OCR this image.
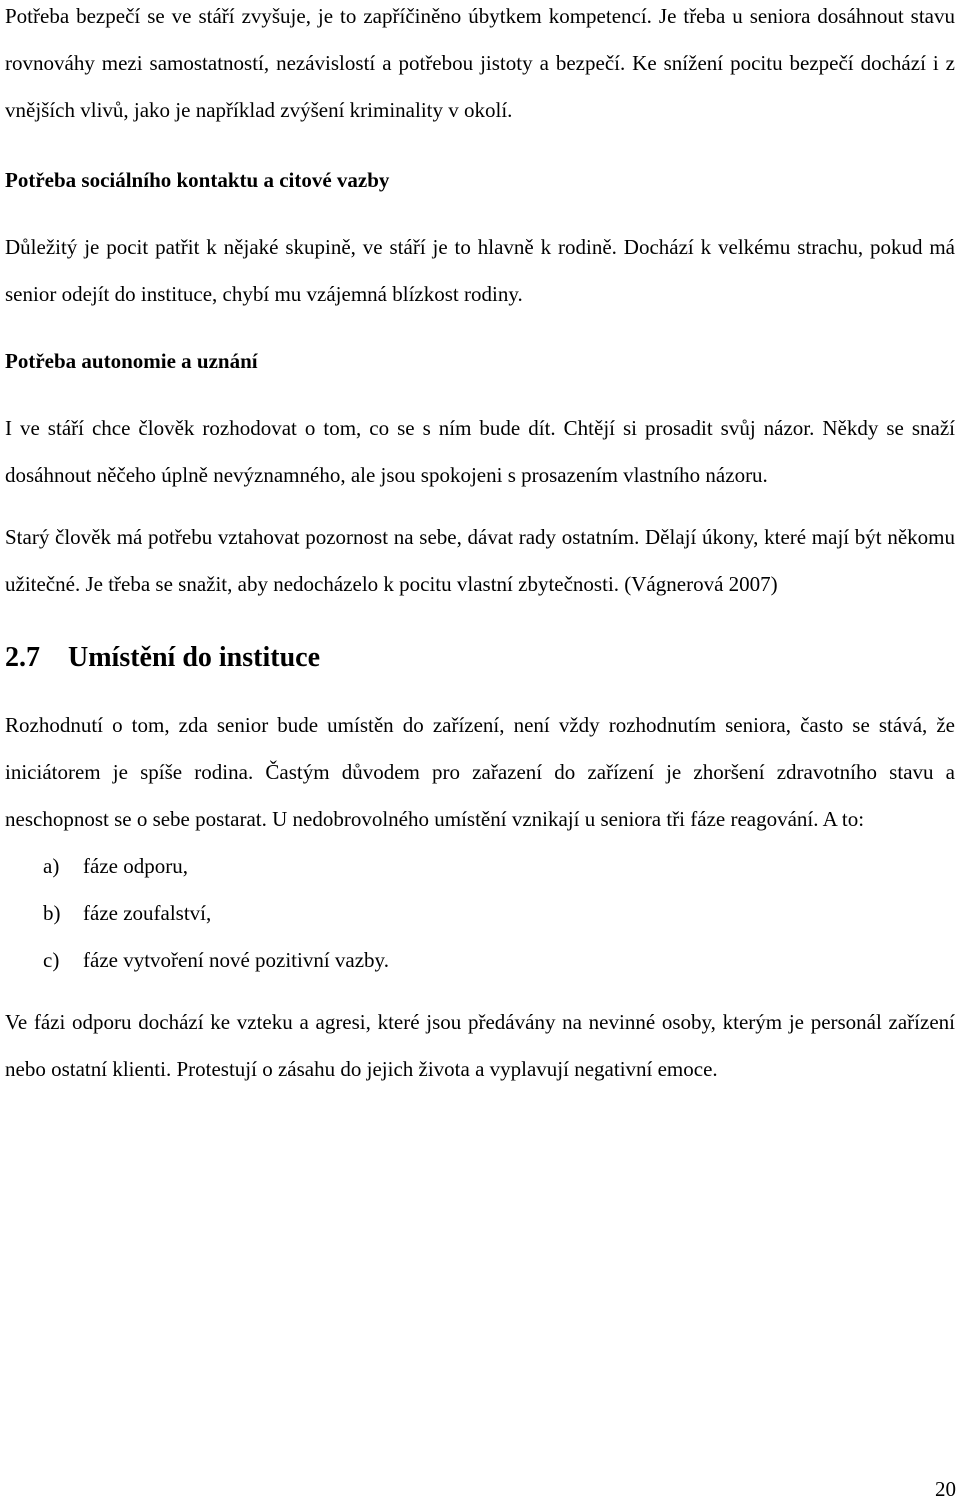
Potřeba bezpečí se ve stáří zvyšuje, je to zapříčiněno úbytkem kompetencí. Je třeba u seniora dosáhnout stavu rovnováhy mezi samostatností, nezávislostí a potřebou jistoty a bezpečí. Ke snížení pocitu bezpečí dochází i z vnějších vlivů, jako je například zvýšení kriminality v okolí.

Potřeba sociálního kontaktu a citové vazby

Důležitý je pocit patřit k nějaké skupině, ve stáří je to hlavně k rodině. Dochází k velkému strachu, pokud má senior odejít do instituce, chybí mu vzájemná blízkost rodiny.

Potřeba autonomie a uznání

I ve stáří chce člověk rozhodovat o tom, co se s ním bude dít. Chtějí si prosadit svůj názor. Někdy se snaží dosáhnout něčeho úplně nevýznamného, ale jsou spokojeni s prosazením vlastního názoru.

Starý člověk má potřebu vztahovat pozornost na sebe, dávat rady ostatním. Dělají úkony, které mají být někomu užitečné. Je třeba se snažit, aby nedocházelo k pocitu vlastní zbytečnosti. (Vágnerová 2007)

2.7 Umístění do instituce

Rozhodnutí o tom, zda senior bude umístěn do zařízení, není vždy rozhodnutím seniora, často se stává, že iniciátorem je spíše rodina. Častým důvodem pro zařazení do zařízení je zhoršení zdravotního stavu a neschopnost se o sebe postarat. U nedobrovolného umístění vznikají u seniora tři fáze reagování. A to:

a) fáze odporu,
b) fáze zoufalství,
c) fáze vytvoření nové pozitivní vazby.

Ve fázi odporu dochází ke vzteku a agresi, které jsou předávány na nevinné osoby, kterým je personál zařízení nebo ostatní klienti. Protestují o zásahu do jejich života a vyplavují negativní emoce.

20
